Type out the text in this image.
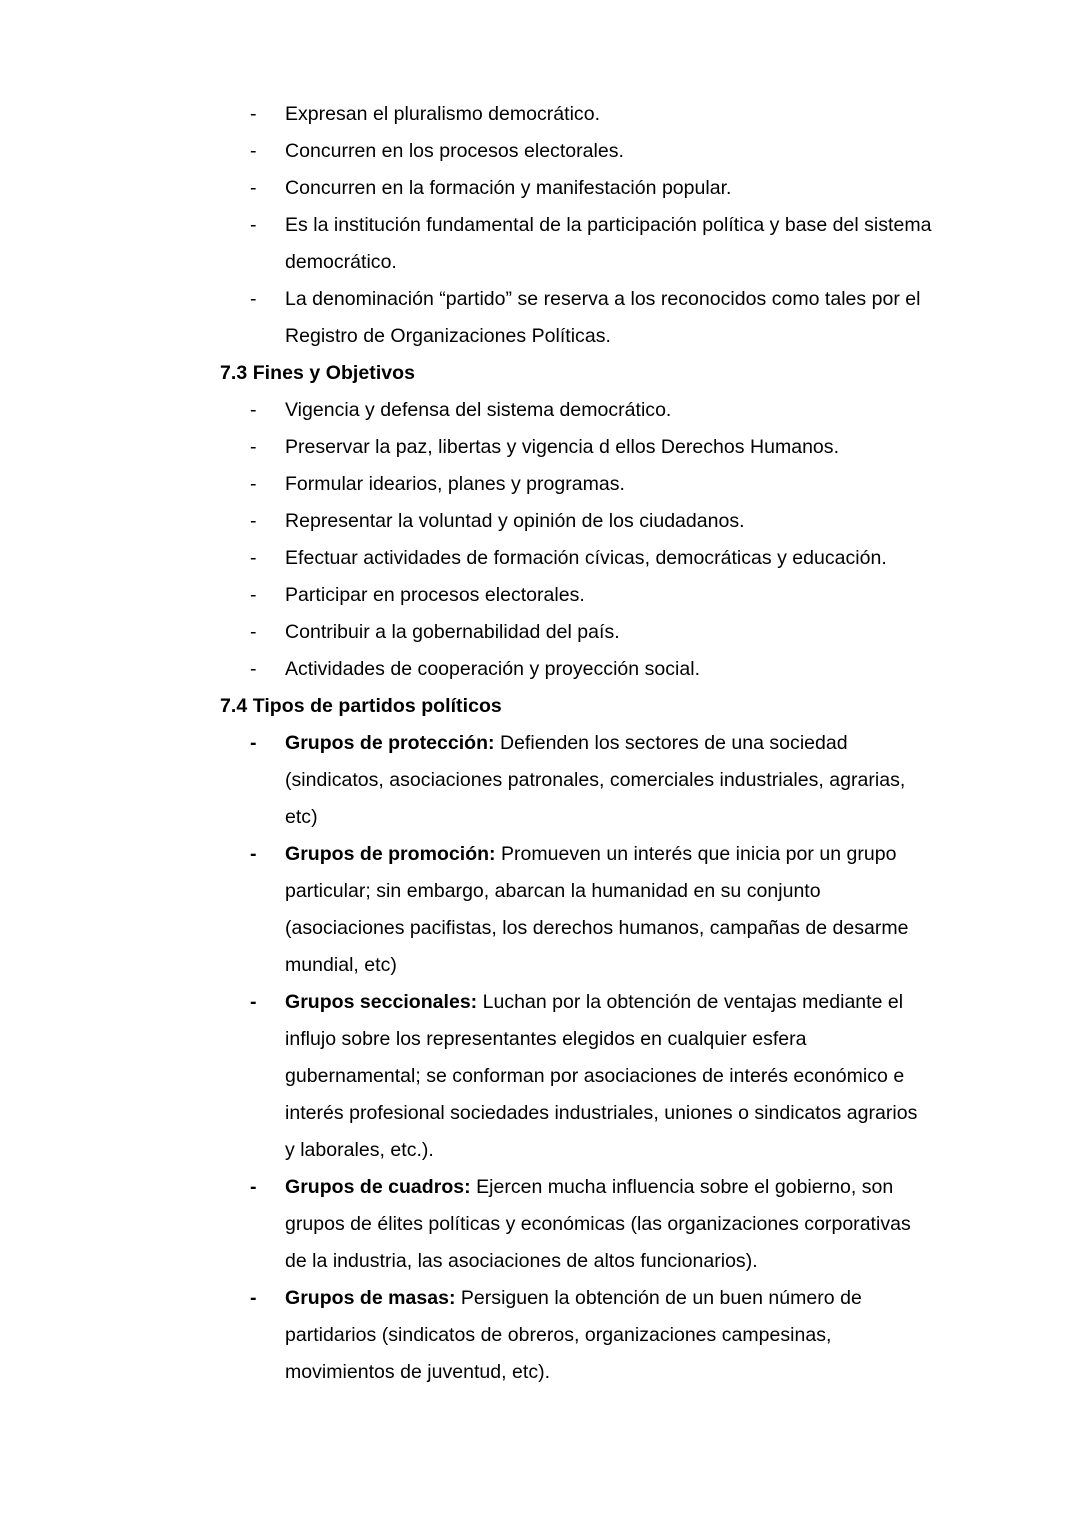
-	Expresan el pluralismo democrático.
-	Concurren en los procesos electorales.
-	Concurren en la formación y manifestación popular.
-	Es la institución fundamental de la participación política y base del sistema democrático.
-	La denominación “partido” se reserva a los reconocidos como tales por el Registro de Organizaciones Políticas.
7.3 Fines y Objetivos
-	Vigencia y defensa del sistema democrático.
-	Preservar la paz, libertas y vigencia d ellos Derechos Humanos.
-	Formular idearios, planes y programas.
-	Representar la voluntad y opinión de los ciudadanos.
-	Efectuar actividades de formación cívicas, democráticas y educación.
-	Participar en procesos electorales.
-	Contribuir a la gobernabilidad del país.
-	Actividades de cooperación y proyección social.
7.4 Tipos de partidos políticos
-	Grupos de protección: Defienden los sectores de una sociedad (sindicatos, asociaciones patronales, comerciales industriales, agrarias, etc)
-	Grupos de promoción: Promueven un interés que inicia por un grupo particular; sin embargo, abarcan la humanidad en su conjunto (asociaciones pacifistas, los derechos humanos, campañas de desarme mundial, etc)
-	Grupos seccionales: Luchan por la obtención de ventajas mediante el influjo sobre los representantes elegidos en cualquier esfera gubernamental; se conforman por asociaciones de interés económico e interés profesional sociedades industriales, uniones o sindicatos agrarios y laborales, etc.).
-	Grupos de cuadros: Ejercen mucha influencia sobre el gobierno, son grupos de élites políticas y económicas (las organizaciones corporativas de la industria, las asociaciones de altos funcionarios).
-	Grupos de masas: Persiguen la obtención de un buen número de partidarios (sindicatos de obreros, organizaciones campesinas, movimientos de juventud, etc).
